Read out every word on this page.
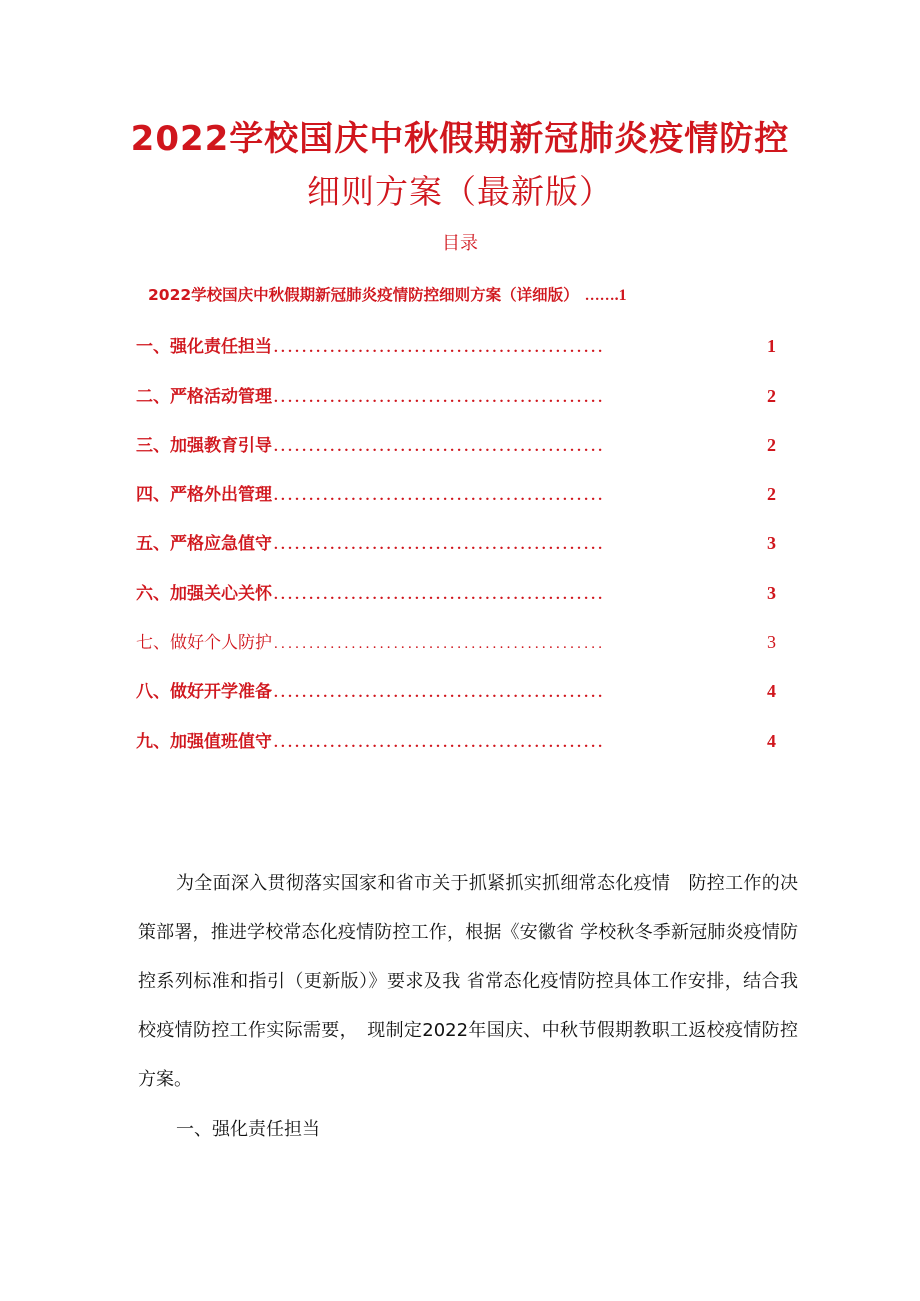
2022学校国庆中秋假期新冠肺炎疫情防控
细则方案（最新版）
目录
2022学校国庆中秋假期新冠肺炎疫情防控细则方案（详细版） …… .1
一、强化责任担当 ...............................................	1
二、严格活动管理 ...............................................	2
三、加强教育引导 ...............................................	2
四、严格外出管理 ...............................................	2
五、严格应急值守 ...............................................	3
六、加强关心关怀 ...............................................	3
七、做好个人防护 ...............................................	3
八、做好开学准备 ...............................................	4
九、加强值班值守 ...............................................	4

为全面深入贯彻落实国家和省市关于抓紧抓实抓细常态化疫情　防控工作的决策部署，推进学校常态化疫情防控工作，根据《安徽省 学校秋冬季新冠肺炎疫情防控系列标准和指引（更新版）》要求及我 省常态化疫情防控具体工作安排，结合我校疫情防控工作实际需要，　现制定2022年国庆、中秋节假期教职工返校疫情防控方案。

一、强化责任担当
